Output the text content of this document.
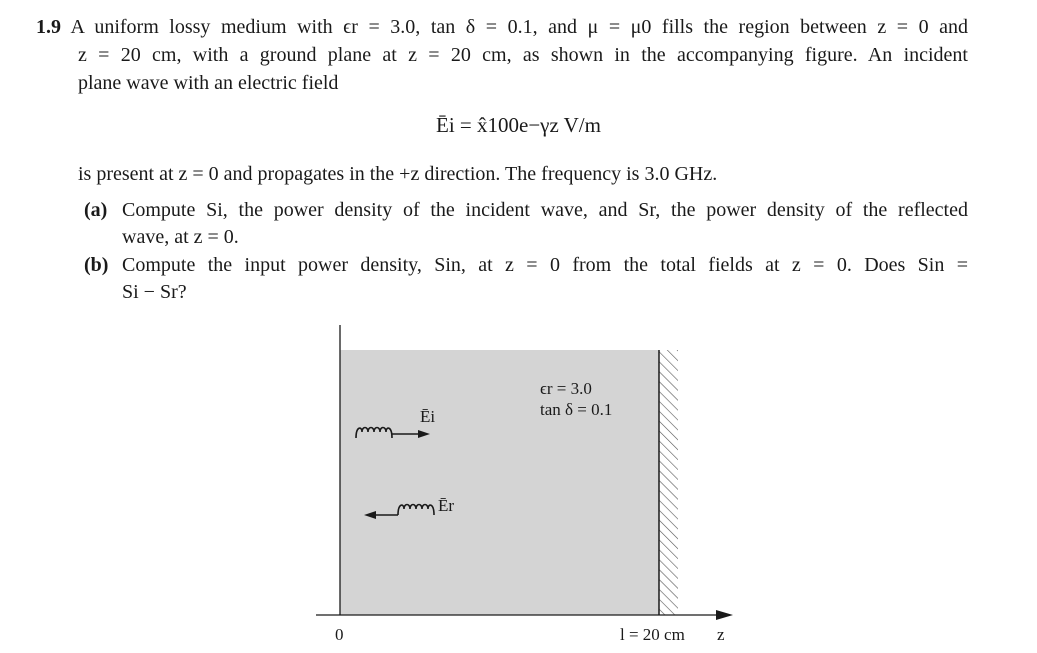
1.9 A uniform lossy medium with ϵr = 3.0, tan δ = 0.1, and μ = μ0 fills the region between z = 0 and
z = 20 cm, with a ground plane at z = 20 cm, as shown in the accompanying figure. An incident
plane wave with an electric field
Ēi = x̂100e−γz V/m
is present at z = 0 and propagates in the +z direction. The frequency is 3.0 GHz.
(a) Compute Si, the power density of the incident wave, and Sr, the power density of the reflected
wave, at z = 0.
(b) Compute the input power density, Sin, at z = 0 from the total fields at z = 0. Does Sin =
Si − Sr?
Ēi
Ēr
ϵr = 3.0
tan δ = 0.1
0	l = 20 cm z
